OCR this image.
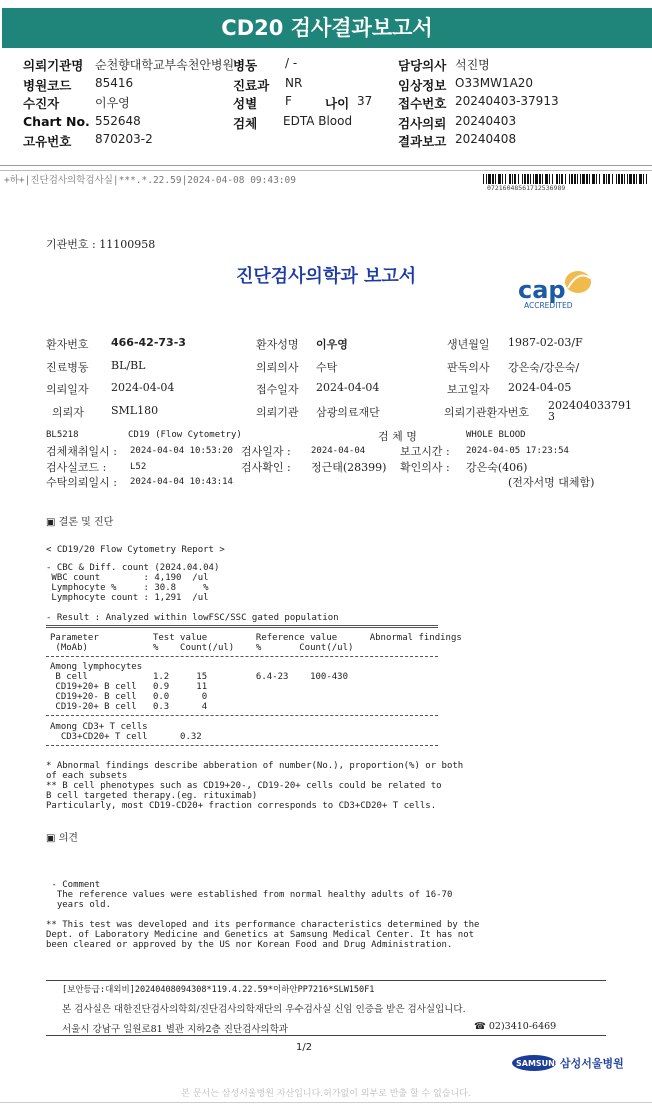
CD20 검사결과보고서
의뢰기관명 순천향대학교부속천안병원
병동 / -	담당의사 석진명
병원코드 85416	진료과 NR	임상정보 O33MW1A20
수진자	이우영	성별 F	나이 37 접수번호 20240403-37913
Chart No. 552648	검체 EDTA Blood	검사의뢰 20240403
고유번호 870203-2	결과보고 20240408
+하+|진단검사의학검사실|***.*.22.59|2024-04-08 09:43:09
07216048561712536989
기관번호 : 11100958
진단검사의학과 보고서	cap
ACCREDITED
환자번호 466-42-73-3	환자성명 이우영	생년월일 1987-02-03/F
진료병동 BL/BL	의뢰의사 수탁	판독의사 강은숙/강은숙/
의뢰일자 2024-04-04	접수일자 2024-04-04	보고일자 2024-04-05
의뢰자 SML180	의뢰기관 삼광의료재단	의뢰기관환자번호
202404033791
3
BL5218	CD19 (Flow Cytometry)	검 체 명	WHOLE BLOOD
검체채취일시 : 2024-04-04 10:53:20 검사일자 : 2024-04-04	보고시간 : 2024-04-05 17:23:54
검사실코드 :	L52	검사확인 : 정근태(28399) 확인의사 : 강은숙(406)
수탁의뢰일시 : 2024-04-04 10:43:14	(전자서명 대체함)
▣ 결론 및 진단
< CD19/20 Flow Cytometry Report >
- CBC & Diff. count (2024.04.04)
WBC count        : 4,190  /ul
Lymphocyte %     : 30.8     %
Lymphocyte count : 1,291  /ul
- Result : Analyzed within lowFSC/SSC gated population
Parameter          Test value         Reference value      Abnormal findings
(MoAb)            %    Count(/ul)    %       Count(/ul)
Among lymphocytes
B cell            1.2     15         6.4-23    100-430
CD19+20+ B cell   0.9     11
CD19+20- B cell   0.0      0
CD19-20+ B cell   0.3      4
Among CD3+ T cells
CD3+CD20+ T cell      0.32
* Abnormal findings describe abberation of number(No.), proportion(%) or both
of each subsets
** B cell phenotypes such as CD19+20-, CD19-20+ cells could be related to
B cell targeted therapy.(eg. rituximab)
Particularly, most CD19-CD20+ fraction corresponds to CD3+CD20+ T cells.
▣ 의견
- Comment
The reference values were established from normal healthy adults of 16-70
years old.
** This test was developed and its performance characteristics determined by the
Dept. of Laboratory Medicine and Genetics at Samsung Medical Center. It has not
been cleared or approved by the US nor Korean Food and Drug Administration.
[보안등급:대외비]20240408094308*119.4.22.59*이하안PP7216*SLW150F1
본 검사실은 대한진단검사의학회/진단검사의학재단의 우수검사실 신임 인증을 받은 검사실입니다.
서울시 강남구 일원로81 별관 지하2층 진단검사의학과	☎ 02)3410-6469
1/2
SAMSUNG
삼성서울병원
본 문서는 삼성서울병원 자산입니다.허가없이 외부로 반출 할 수 없습니다.
